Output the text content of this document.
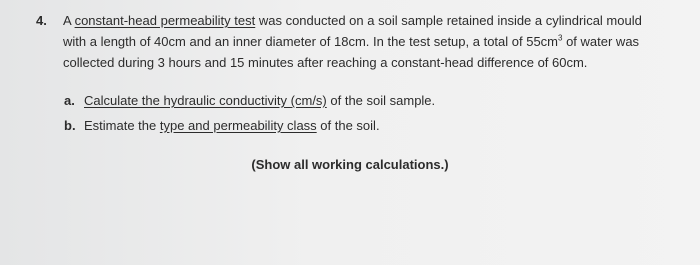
4. A constant-head permeability test was conducted on a soil sample retained inside a cylindrical mould with a length of 40cm and an inner diameter of 18cm. In the test setup, a total of $55cm^3$ of water was collected during 3 hours and 15 minutes after reaching a constant-head difference of 60cm.
a. Calculate the hydraulic conductivity (cm/s) of the soil sample.
b. Estimate the type and permeability class of the soil.
(Show all working calculations.)
